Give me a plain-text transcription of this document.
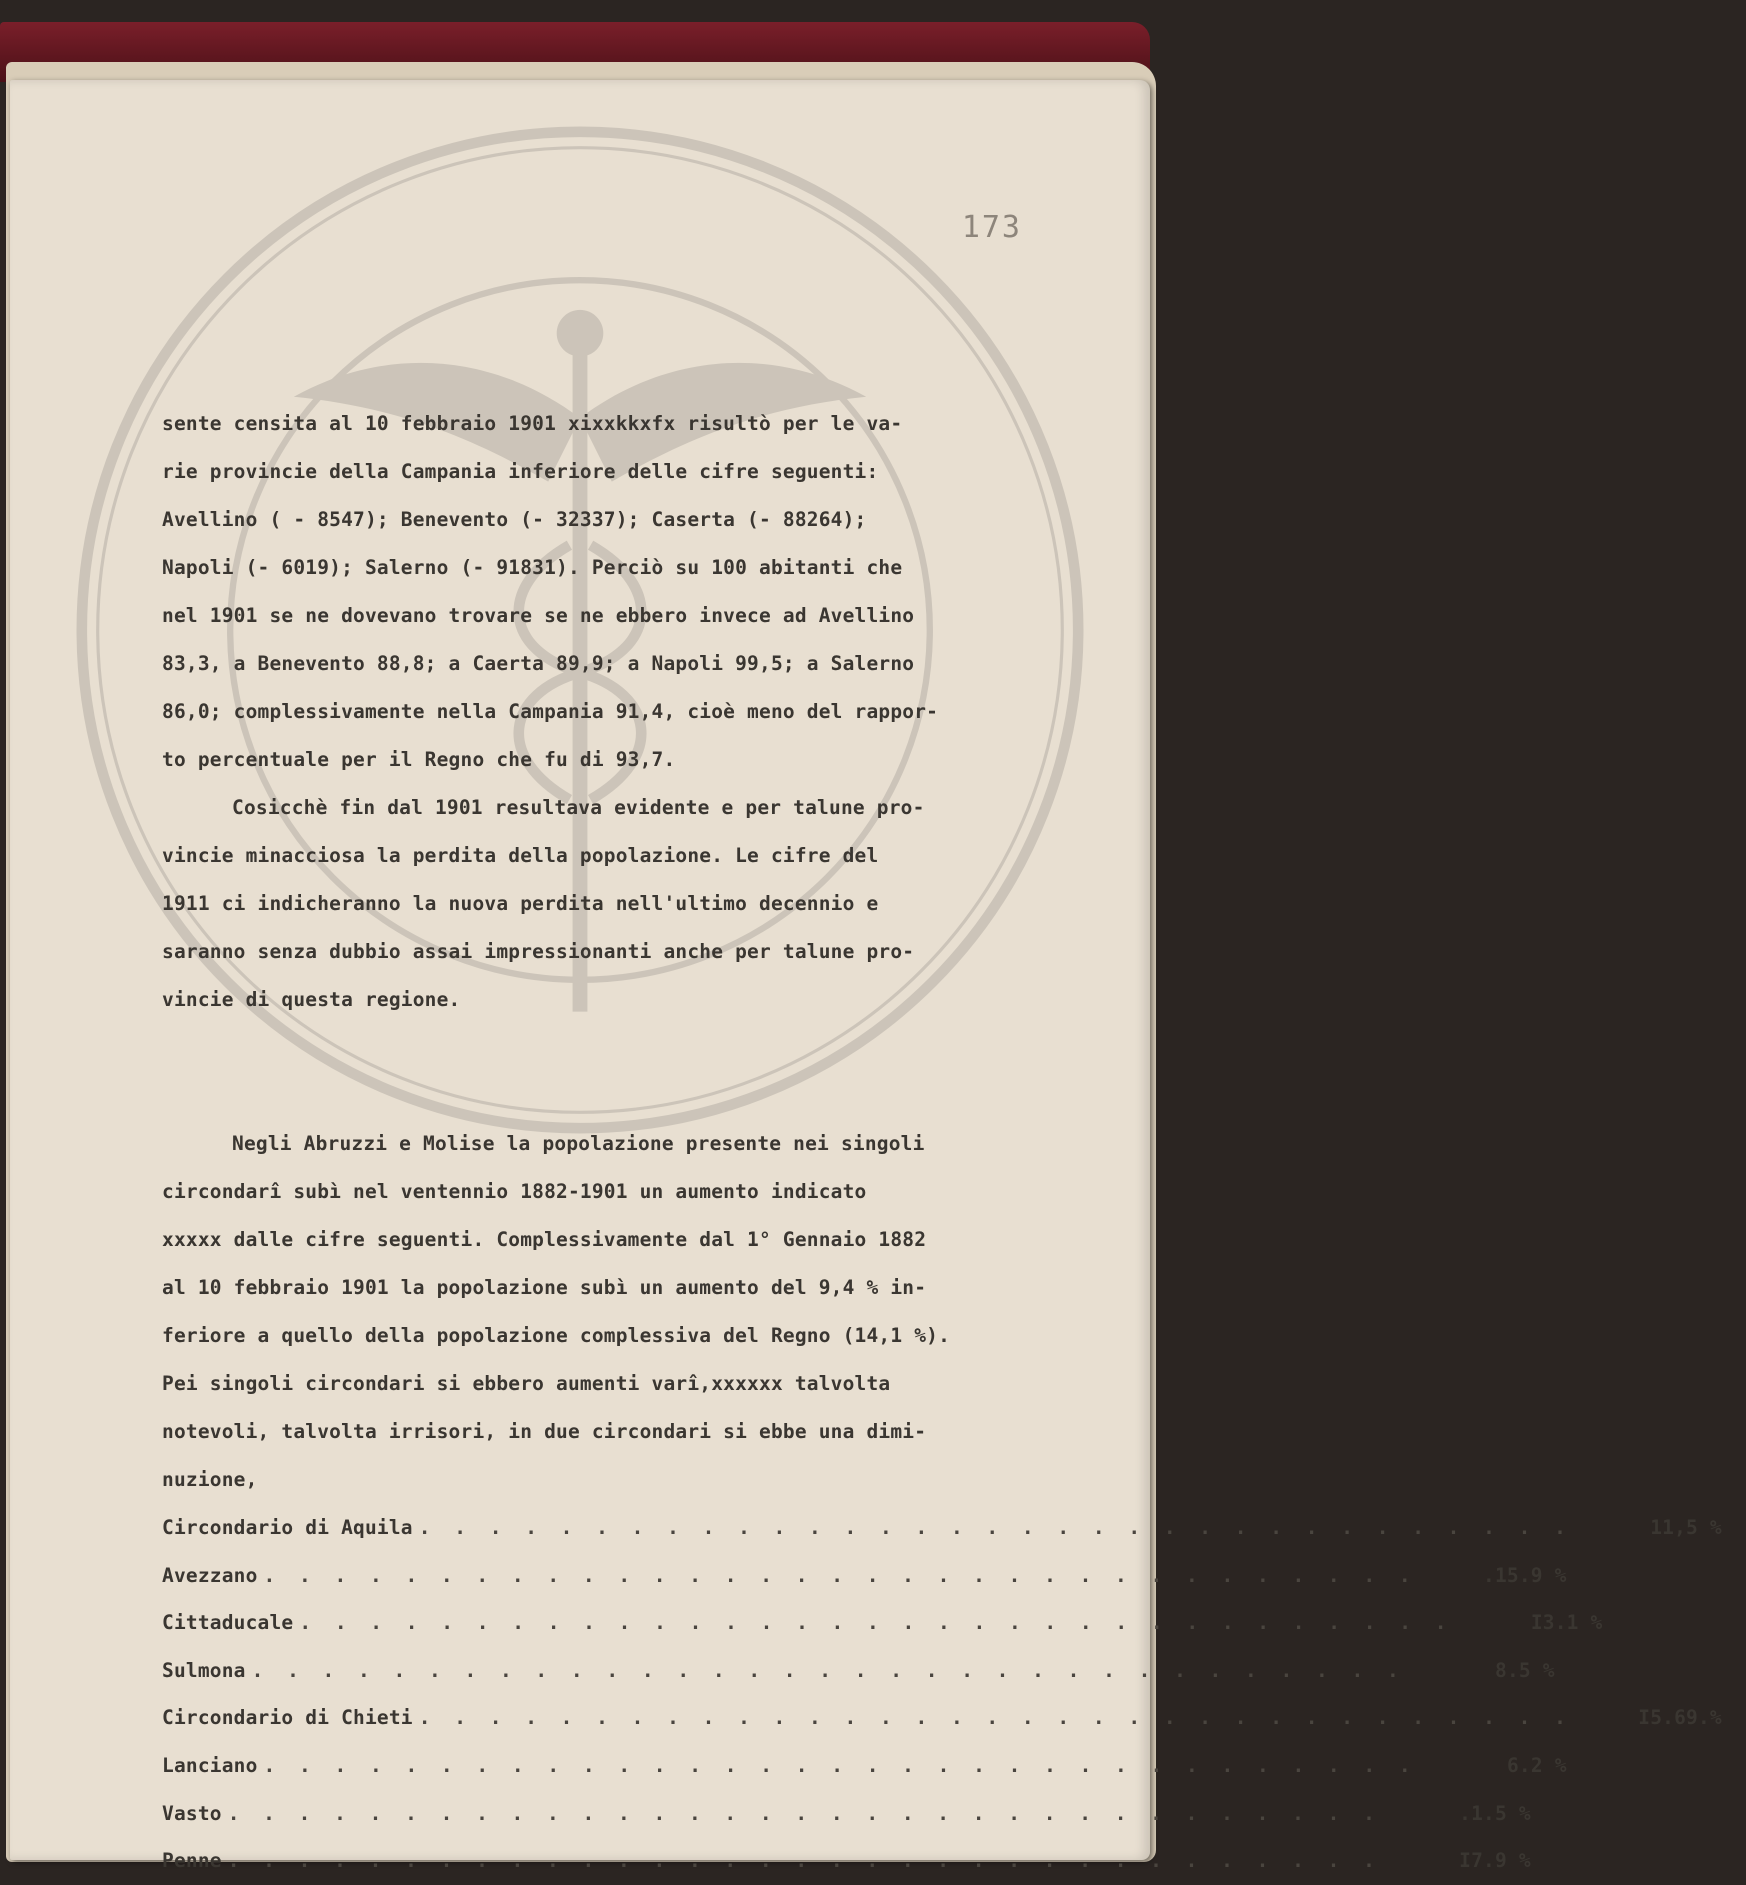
173
sente censita al 10 febbraio 1901 xixxkkxfx risultò per le va-
rie provincie della Campania inferiore delle cifre seguenti:
Avellino ( - 8547); Benevento (- 32337); Caserta (- 88264);
Napoli (- 6019); Salerno (- 91831). Perciò su 100 abitanti che
nel 1901 se ne dovevano trovare se ne ebbero invece ad Avellino
83,3, a Benevento 88,8; a Caerta 89,9; a Napoli 99,5; a Salerno
86,0; complessivamente nella Campania 91,4, cioè meno del rappor-
to percentuale per il Regno che fu di 93,7.
Cosicchè fin dal 1901 resultava evidente e per talune pro-
vincie minacciosa la perdita della popolazione. Le cifre del
1911 ci indicheranno la nuova perdita nell'ultimo decennio e
saranno senza dubbio assai impressionanti anche per talune pro-
vincie di questa regione.
Negli Abruzzi e Molise la popolazione presente nei singoli
circondarî subì nel ventennio 1882-1901 un aumento indicato
xxxxx dalle cifre seguenti. Complessivamente dal 1° Gennaio 1882
al 10 febbraio 1901 la popolazione subì un aumento del 9,4 % in-
feriore a quello della popolazione complessiva del Regno (14,1 %).
Pei singoli circondari si ebbero aumenti varî,xxxxxx talvolta
notevoli, talvolta irrisori, in due circondari si ebbe una dimi-
nuzione,
Circondario di Aquila . . . . . . . . . . . . . . . . . . . . . . . . . . . . . . . . .	11,5 %
Avezzano . . . . . . . . . . . . . . . . . . . . . . . . . . . . . . . . .	.15.9 %
Cittaducale . . . . . . . . . . . . . . . . . . . . . . . . . . . . . . . . .	I3.1 %
Sulmona . . . . . . . . . . . . . . . . . . . . . . . . . . . . . . . . .	8.5 %
Circondario di Chieti . . . . . . . . . . . . . . . . . . . . . . . . . . . . . . . . .	I5.69.%
Lanciano . . . . . . . . . . . . . . . . . . . . . . . . . . . . . . . . .	6.2 %
Vasto . . . . . . . . . . . . . . . . . . . . . . . . . . . . . . . . .	.1.5 %
Penne . . . . . . . . . . . . . . . . . . . . . . . . . . . . . . . . .	I7.9 %
